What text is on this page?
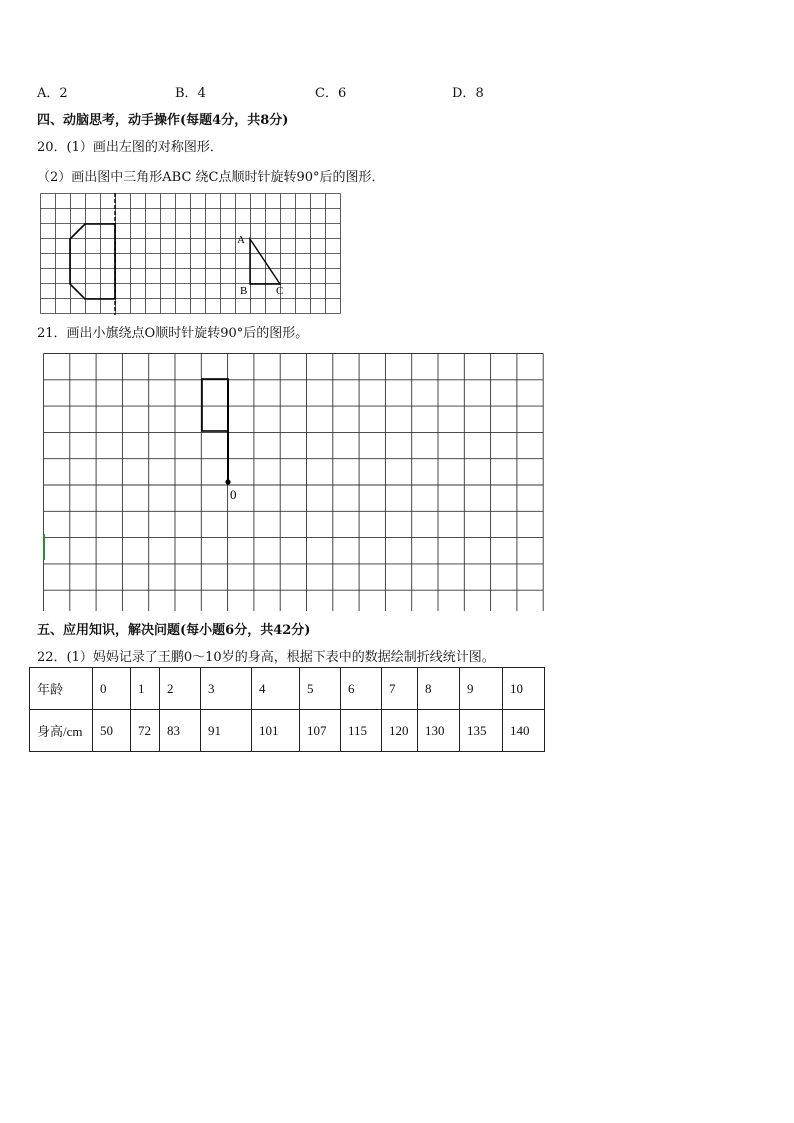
A．2	B．4	C．6	D．8
四、动脑思考，动手操作(每题4分，共8分)
20．(1）画出左图的对称图形．
（2）画出图中三角形ABC 绕C点顺时针旋转90°后的图形．
A
B	C
21．画出小旗绕点O顺时针旋转90°后的图形。
0
五、应用知识，解决问题(每小题6分，共42分)
22．(1）妈妈记录了王鹏0～10岁的身高，根据下表中的数据绘制折线统计图。
年龄	0	1	2	3	4	5	6	7	8	9	10
身高/cm	50	72	83	91	101	107	115	120	130	135	140
